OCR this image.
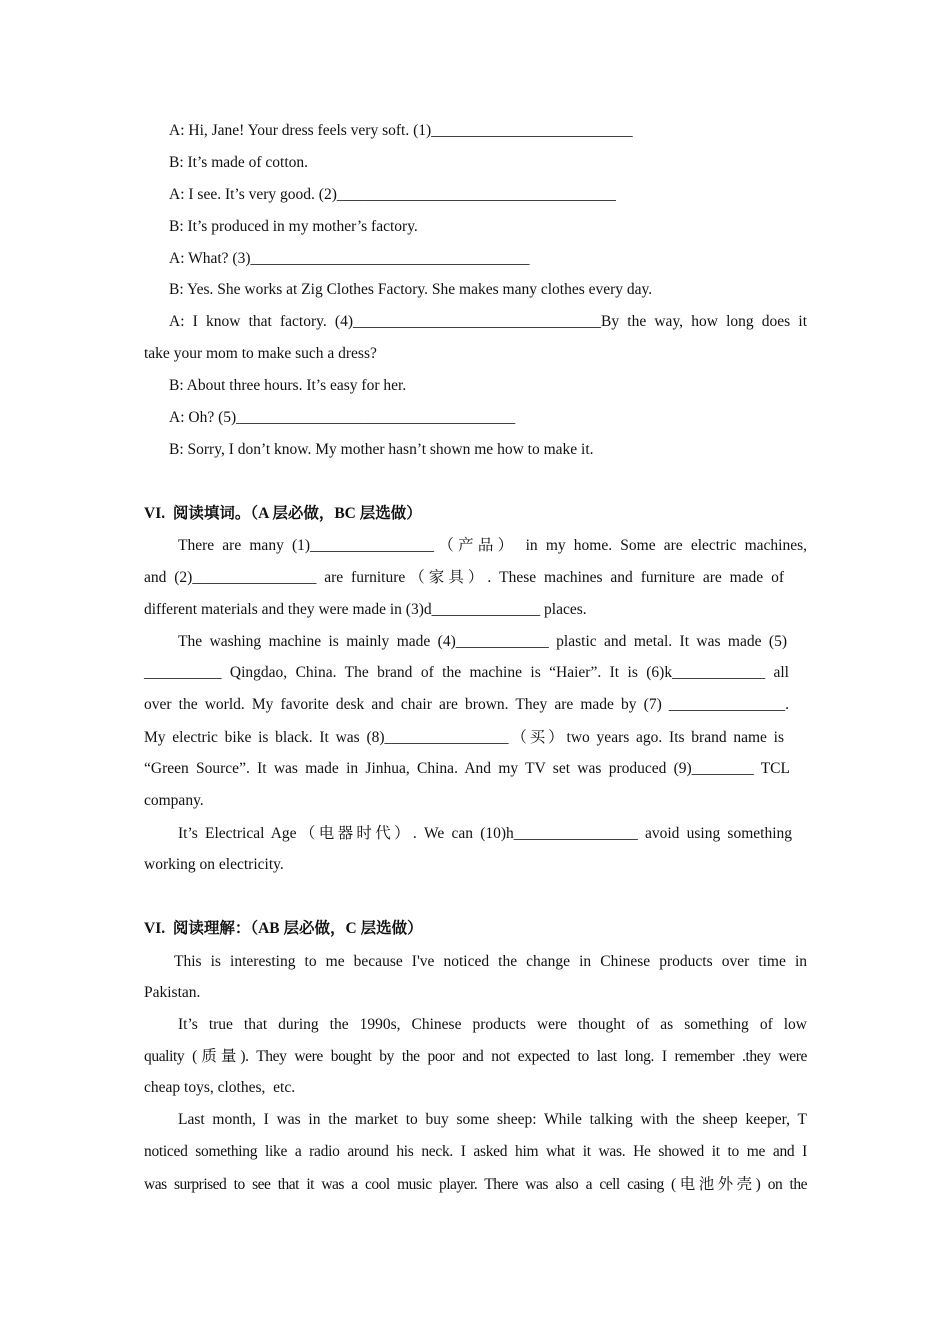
A: Hi, Jane! Your dress feels very soft. (1)__________________________
B: It’s made of cotton.
A: I see. It’s very good. (2)____________________________________
B: It’s produced in my mother’s factory.
A: What? (3)____________________________________
B: Yes. She works at Zig Clothes Factory. She makes many clothes every day.
A: I know that factory. (4)________________________________By the way, how long does it
take your mom to make such a dress?
B: About three hours. It’s easy for her.
A: Oh? (5)____________________________________
B: Sorry, I don’t know. My mother hasn’t shown me how to make it.
VI.  阅读填词。（A 层必做，BC 层选做）
There are many (1)________________（产品） in my home. Some are electric machines,
and (2)________________ are furniture（家具）. These machines and furniture are made of
different materials and they were made in (3)d______________ places.
The washing machine is mainly made (4)____________ plastic and metal. It was made (5)
__________ Qingdao, China. The brand of the machine is “Haier”. It is (6)k____________ all
over the world. My favorite desk and chair are brown. They are made by (7) _______________.
My electric bike is black. It was (8)________________（买）two years ago. Its brand name is
“Green Source”. It was made in Jinhua, China. And my TV set was produced (9)________ TCL
company.
It’s Electrical Age（电器时代）. We can (10)h________________ avoid using something
working on electricity.
VI.  阅读理解：（AB 层必做，C 层选做）
This is interesting to me because I've noticed the change in Chinese products over time in
Pakistan.
It’s true that during the 1990s, Chinese products were thought of as something of low
quality (质量). They were bought by the poor and not expected to last long. I remember .they were
cheap toys, clothes,  etc.
Last month, I was in the market to buy some sheep: While talking with the sheep keeper, T
noticed something like a radio around his neck. I asked him what it was. He showed it to me and I
was surprised to see that it was a cool music player. There was also a cell casing (电池外壳) on the
